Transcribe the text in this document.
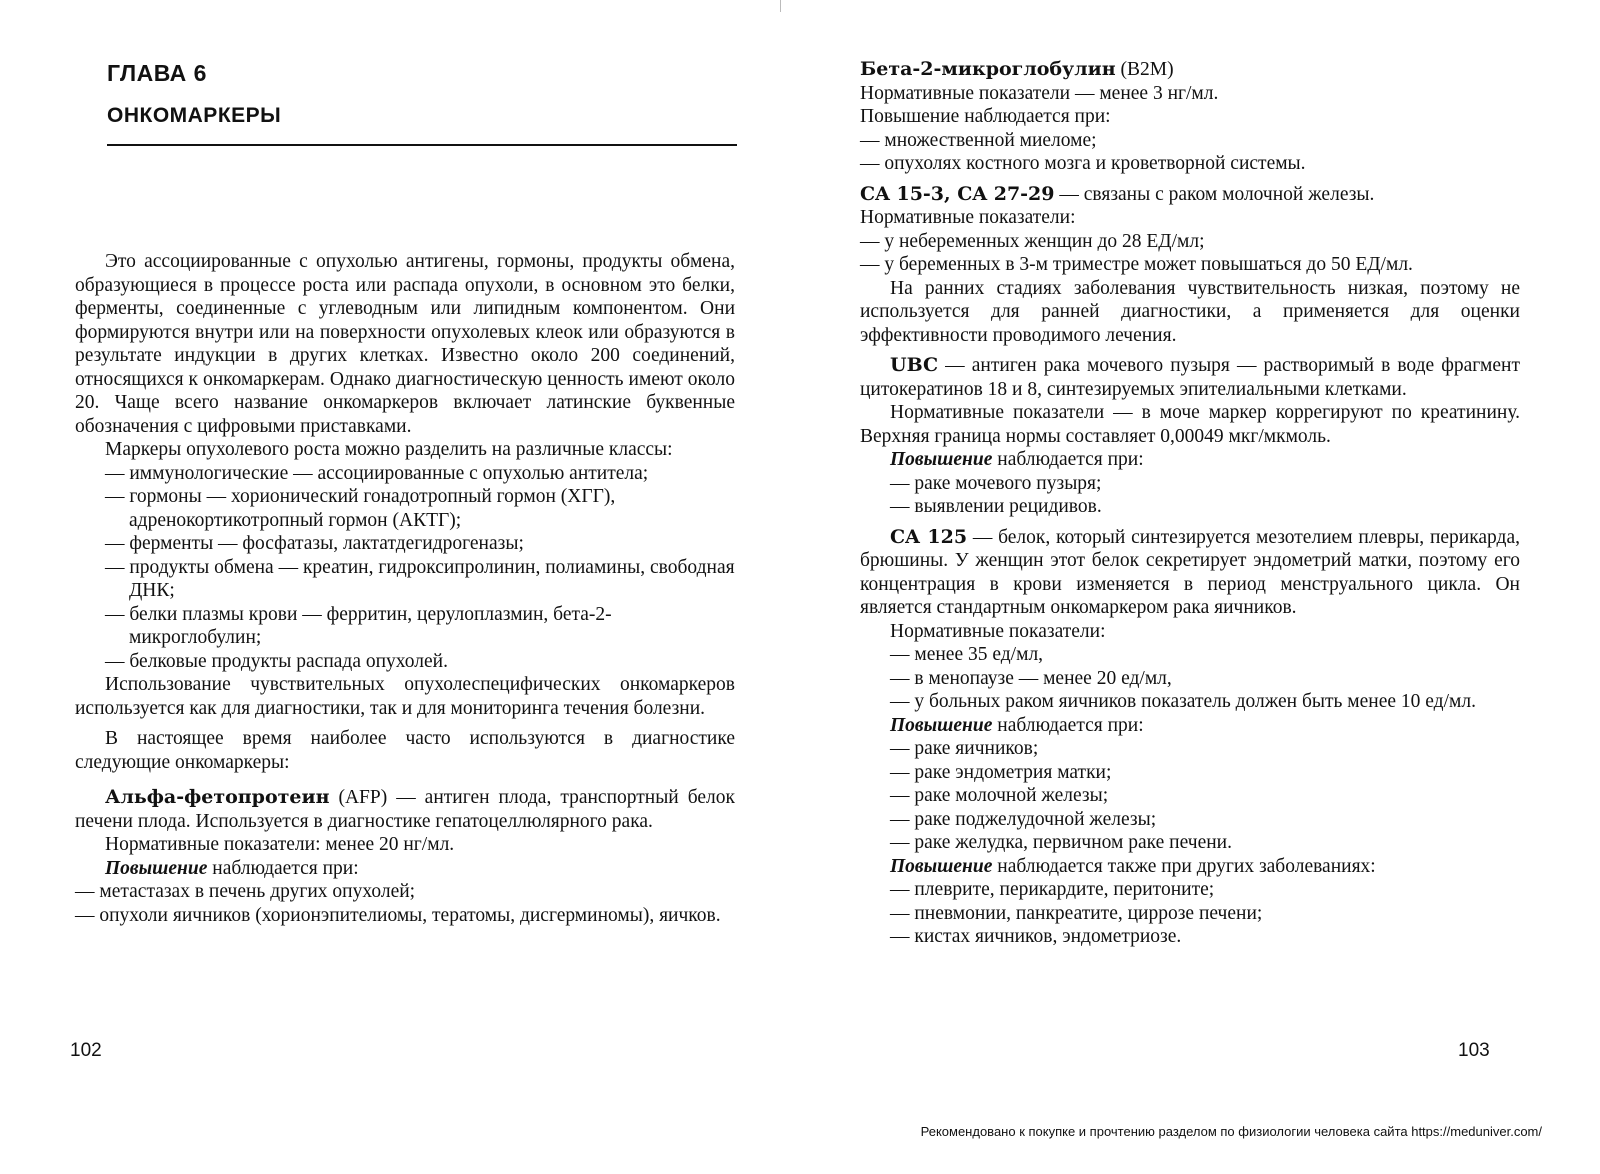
ГЛАВА 6
ОНКОМАРКЕРЫ

Это ассоциированные с опухолью антигены, гормоны, продукты обмена, образующиеся в процессе роста или распада опухоли, в основном это белки, ферменты, соединенные с углеводным или липидным компонентом. Они формируются внутри или на поверхности опухолевых клеок или образуются в результате индукции в других клетках. Известно около 200 соединений, относящихся к онкомаркерам. Однако диагностическую ценность имеют около 20. Чаще всего название онкомаркеров включает латинские буквенные обозначения с цифровыми приставками.

Маркеры опухолевого роста можно разделить на различные классы:

— иммунологические — ассоциированные с опухолью антитела;
— гормоны — хорионический гонадотропный гормон (ХГГ), адренокортикотропный гормон (АКТГ);
— ферменты — фосфатазы, лактатдегидрогеназы;
— продукты обмена — креатин, гидроксипролинин, полиамины, свободная ДНК;
— белки плазмы крови — ферритин, церулоплазмин, бета-2-микроглобулин;
— белковые продукты распада опухолей.

Использование чувствительных опухолеспецифических онкомаркеров используется как для диагностики, так и для мониторинга течения болезни.

В настоящее время наиболее часто используются в диагностике следующие онкомаркеры:

Альфа-фетопротеин (AFP) — антиген плода, транспортный белок печени плода. Используется в диагностике гепатоцеллюлярного рака.

Нормативные показатели: менее 20 нг/мл.

Повышение наблюдается при:

— метастазах в печень других опухолей;
— опухоли яичников (хорионэпителиомы, тератомы, дисгерминомы), яичков.
102

Бета-2-микроглобулин (B2M)

Нормативные показатели — менее 3 нг/мл.

Повышение наблюдается при:

— множественной миеломе;
— опухолях костного мозга и кроветворной системы.

CA 15-3, CA 27-29 — связаны с раком молочной железы.

Нормативные показатели:

— у небеременных женщин до 28 ЕД/мл;
— у беременных в 3-м триместре может повышаться до 50 ЕД/мл.

На ранних стадиях заболевания чувствительность низкая, поэтому не используется для ранней диагностики, а применяется для оценки эффективности проводимого лечения.

UBC — антиген рака мочевого пузыря — растворимый в воде фрагмент цитокератинов 18 и 8, синтезируемых эпителиальными клетками.

Нормативные показатели — в моче маркер коррегируют по креатинину. Верхняя граница нормы составляет 0,00049 мкг/мкмоль.

Повышение наблюдается при:

— раке мочевого пузыря;
— выявлении рецидивов.

CA 125 — белок, который синтезируется мезотелием плевры, перикарда, брюшины. У женщин этот белок секретирует эндометрий матки, поэтому его концентрация в крови изменяется в период менструального цикла. Он является стандартным онкомаркером рака яичников.

Нормативные показатели:

— менее 35 ед/мл,
— в менопаузе — менее 20 ед/мл,
— у больных раком яичников показатель должен быть менее 10 ед/мл.

Повышение наблюдается при:

— раке яичников;
— раке эндометрия матки;
— раке молочной железы;
— раке поджелудочной железы;
— раке желудка, первичном раке печени.

Повышение наблюдается также при других заболеваниях:

— плеврите, перикардите, перитоните;
— пневмонии, панкреатите, циррозе печени;
— кистах яичников, эндометриозе.
103
Рекомендовано к покупке и прочтению разделом по физиологии человека сайта https://meduniver.com/
